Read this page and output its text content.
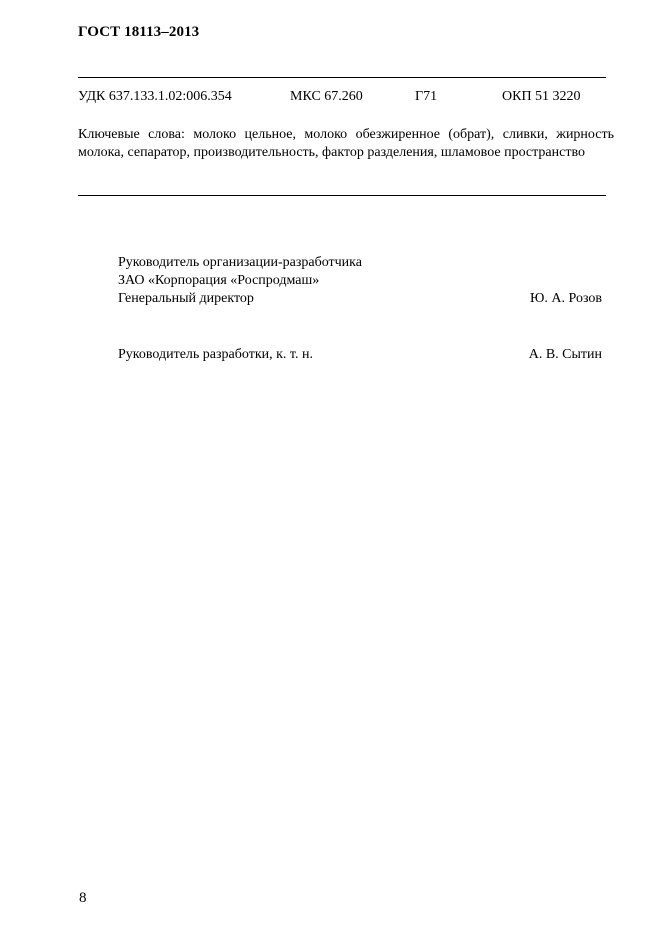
ГОСТ 18113–2013
УДК 637.133.1.02:006.354	МКС 67.260	Г71	ОКП 51 3220
Ключевые слова: молоко цельное, молоко обезжиренное (обрат), сливки, жирность молока, сепаратор, производительность, фактор разделения, шламовое пространство
Руководитель организации-разработчика
ЗАО «Корпорация «Роспродмаш»
Генеральный директор	Ю. А. Розов
Руководитель разработки, к. т. н.	А. В. Сытин
8
